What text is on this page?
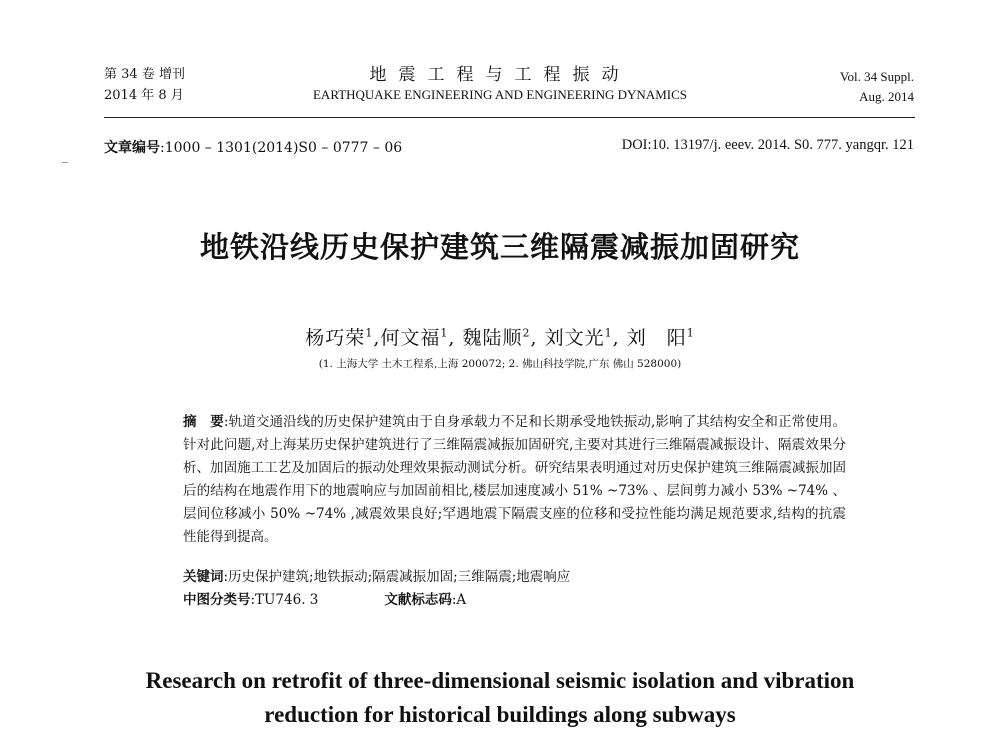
第 34 卷 增刊
2014 年 8 月
地震工程与工程振动
EARTHQUAKE ENGINEERING AND ENGINEERING DYNAMICS
Vol. 34 Suppl.
Aug. 2014
文章编号:1000 – 1301(2014)S0 – 0777 – 06	DOI:10. 13197/j. eeev. 2014. S0. 777. yangqr. 121
地铁沿线历史保护建筑三维隔震减振加固研究
杨巧荣$^1$,何文福$^1$, 魏陆顺$^2$, 刘文光$^1$, 刘　阳$^1$
(1. 上海大学 土木工程系,上海 200072; 2. 佛山科技学院,广东 佛山 528000)
摘　要:轨道交通沿线的历史保护建筑由于自身承载力不足和长期承受地铁振动,影响了其结构安全和正常使用。针对此问题,对上海某历史保护建筑进行了三维隔震减振加固研究,主要对其进行三维隔震减振设计、隔震效果分析、加固施工工艺及加固后的振动处理效果振动测试分析。研究结果表明通过对历史保护建筑三维隔震减振加固后的结构在地震作用下的地震响应与加固前相比,楼层加速度减小 51% ~73% 、层间剪力减小 53% ~74% 、层间位移减小 50% ~74% ,减震效果良好;罕遇地震下隔震支座的位移和受拉性能均满足规范要求,结构的抗震性能得到提高。
关键词:历史保护建筑;地铁振动;隔震减振加固;三维隔震;地震响应
中图分类号:TU746. 3	文献标志码:A
Research on retrofit of three-dimensional seismic isolation and vibration
reduction for historical buildings along subways
